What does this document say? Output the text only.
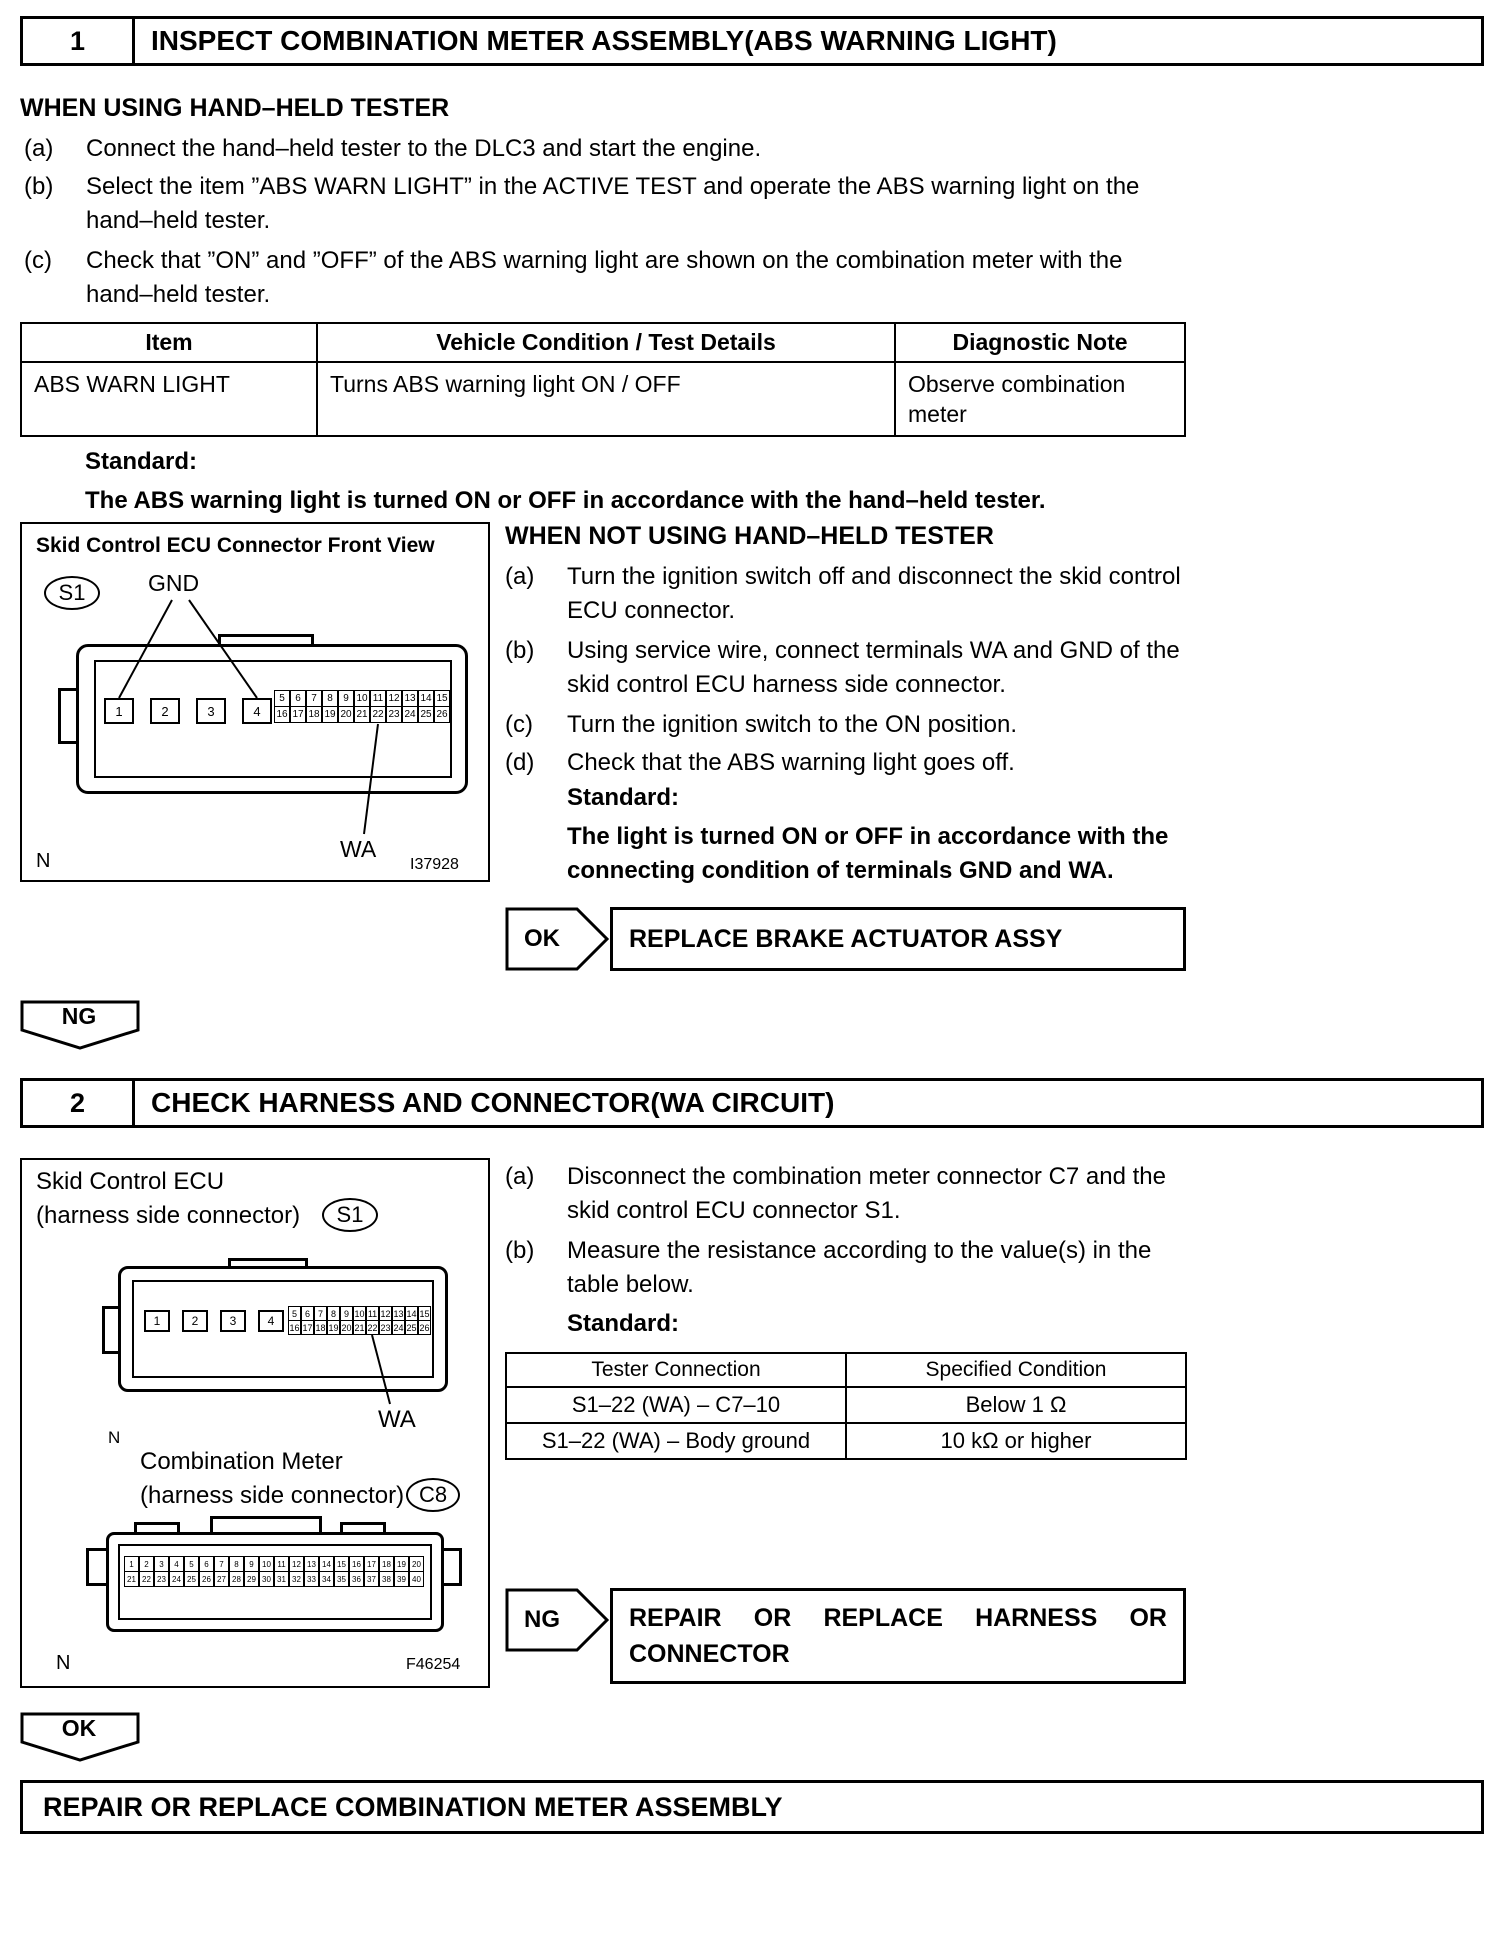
1	INSPECT COMBINATION METER ASSEMBLY(ABS WARNING LIGHT)
WHEN USING HAND–HELD TESTER
(a)	Connect the hand–held tester to the DLC3 and start the engine.
(b)	Select the item ”ABS WARN LIGHT” in the ACTIVE TEST and operate the ABS warning light on the hand–held tester.
(c)	Check that ”ON” and ”OFF” of the ABS warning light are shown on the combination meter with the hand–held tester.
Item	Vehicle Condition / Test Details	Diagnostic Note
ABS WARN LIGHT	Turns ABS warning light ON / OFF	Observe combination meter
Standard:
The ABS warning light is turned ON or OFF in accordance with the hand–held tester.
Skid Control ECU Connector Front View
S1	GND
1	2	3	4
5	6	7	8	9 10 11 12 13 14 15
16 17 18 19 20 21 22 23 24 25 26
WA
N	I37928
WHEN NOT USING HAND–HELD TESTER
(a)	Turn the ignition switch off and disconnect the skid control ECU connector.
(b)	Using service wire, connect terminals WA and GND of the skid control ECU harness side connector.
(c)	Turn the ignition switch to the ON position.
(d)	Check that the ABS warning light goes off.
Standard:
The light is turned ON or OFF in accordance with the connecting condition of terminals GND and WA.
OK	REPLACE BRAKE ACTUATOR ASSY
NG
2	CHECK HARNESS AND CONNECTOR(WA CIRCUIT)
Skid Control ECU
(harness side connector)	S1
1	2	3	4
5 6 7 8 9 10 11 12 13 14 15
16 17 18 19 20 21 22 23 24 25 26
WA
N
Combination Meter
(harness side connector) C8
1	2	3	4	5	6	7	8	9	10 11 12 13 14 15 16 17 18 19 20
21 22 23 24 25 26 27 28 29 30 31 32 33 34 35 36 37 38 39 40
N	F46254
(a)	Disconnect the combination meter connector C7 and the skid control ECU connector S1.
(b)	Measure the resistance according to the value(s) in the table below.
Standard:
Tester Connection	Specified Condition
S1–22 (WA) – C7–10	Below 1 Ω
S1–22 (WA) – Body ground	10 kΩ or higher
NG	REPAIR OR REPLACE HARNESS OR
CONNECTOR
OK
REPAIR OR REPLACE COMBINATION METER ASSEMBLY
